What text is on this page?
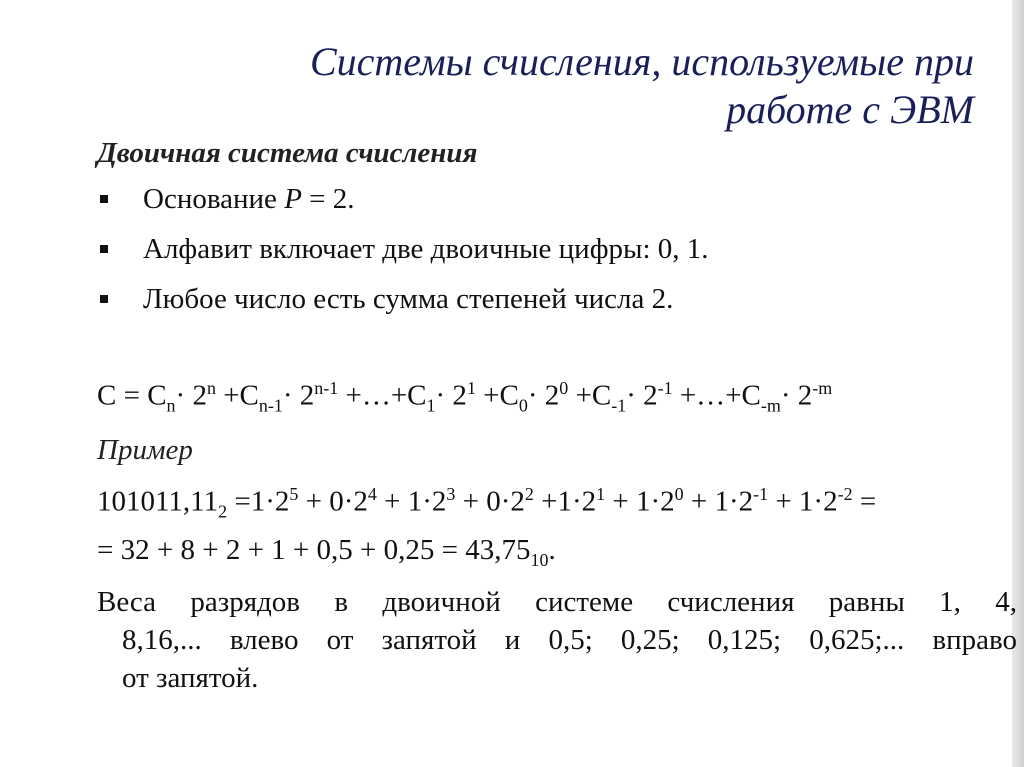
Системы счисления, используемые при
работе с ЭВМ

Двоичная система счисления

Основание P = 2.
Алфавит включает две двоичные цифры: 0, 1.
Любое число есть сумма степеней числа 2.
$C = C_n\cdot 2^n +C_{n-1}\cdot 2^{n-1}$ $+\dots+C_1\cdot 2^1 +C_0\cdot 2^0 +C_{-1}\cdot 2^{-1}$ $+\dots+C_{-m}\cdot 2^{-m}$
Пример
$101011,11_2 =1\cdot 2^5 + 0\cdot 2^4 + 1\cdot 2^3 + 0\cdot 2^2 +1\cdot 2^1 + 1\cdot 2^0 + 1\cdot 2^{-1} + 1\cdot 2^{-2}$ =
= $32 + 8 + 2 + 1 + 0,5 + 0,25 = 43,75_{10}$.
Веса разрядов в двоичной системе счисления равны 1, 4,
8,16,... влево от запятой и 0,5; 0,25; 0,125; 0,625;... вправо
от запятой.
